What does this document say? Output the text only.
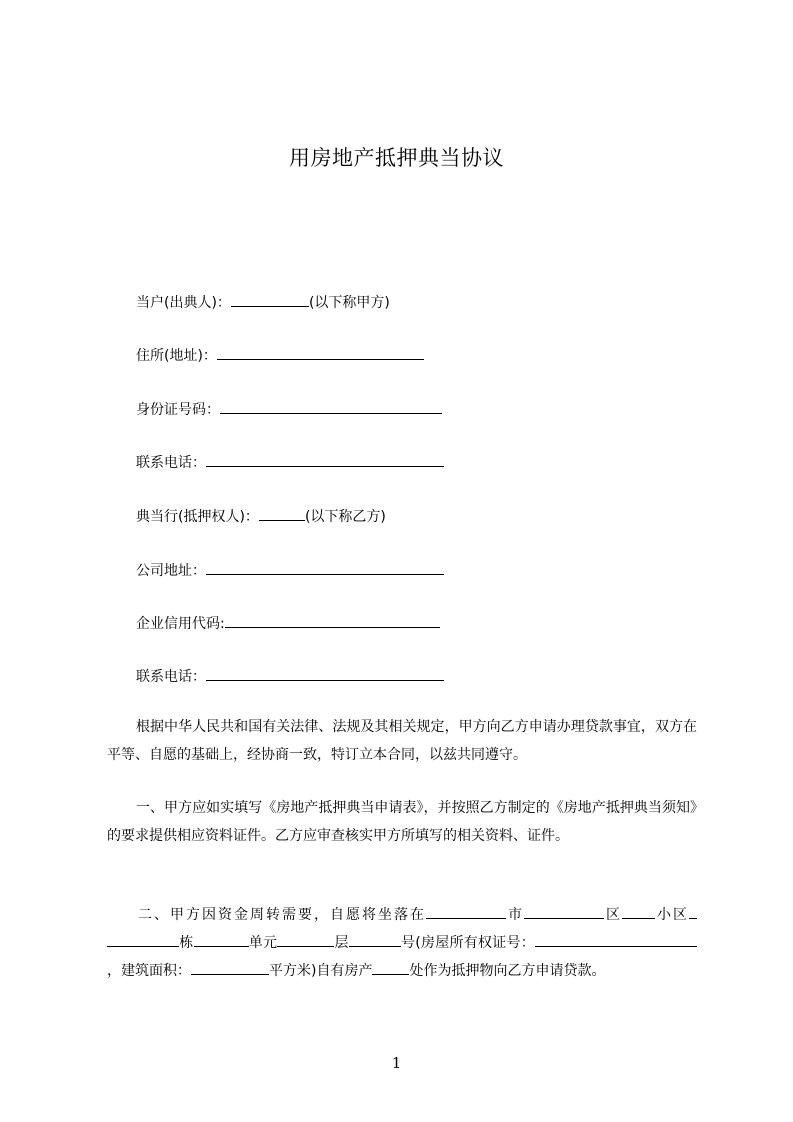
用房地产抵押典当协议
当户(出典人)：	(以下称甲方)
住所(地址)：
身份证号码：
联系电话：
典当行(抵押权人)：	(以下称乙方)
公司地址：
企业信用代码:
联系电话：
根据中华人民共和国有关法律、法规及其相关规定，甲方向乙方申请办理贷款事宜，双方在平等、自愿的基础上，经协商一致，特订立本合同，以兹共同遵守。
一、甲方应如实填写《房地产抵押典当申请表》，并按照乙方制定的《房地产抵押典当须知》的要求提供相应资料证件。乙方应审查核实甲方所填写的相关资料、证件。
二、甲方因资金周转需要，自愿将坐落在	市	区 小区栋	单元	层	号(房屋所有权证号：，建筑面积：	平方米)自有房产	处作为抵押物向乙方申请贷款。
1
